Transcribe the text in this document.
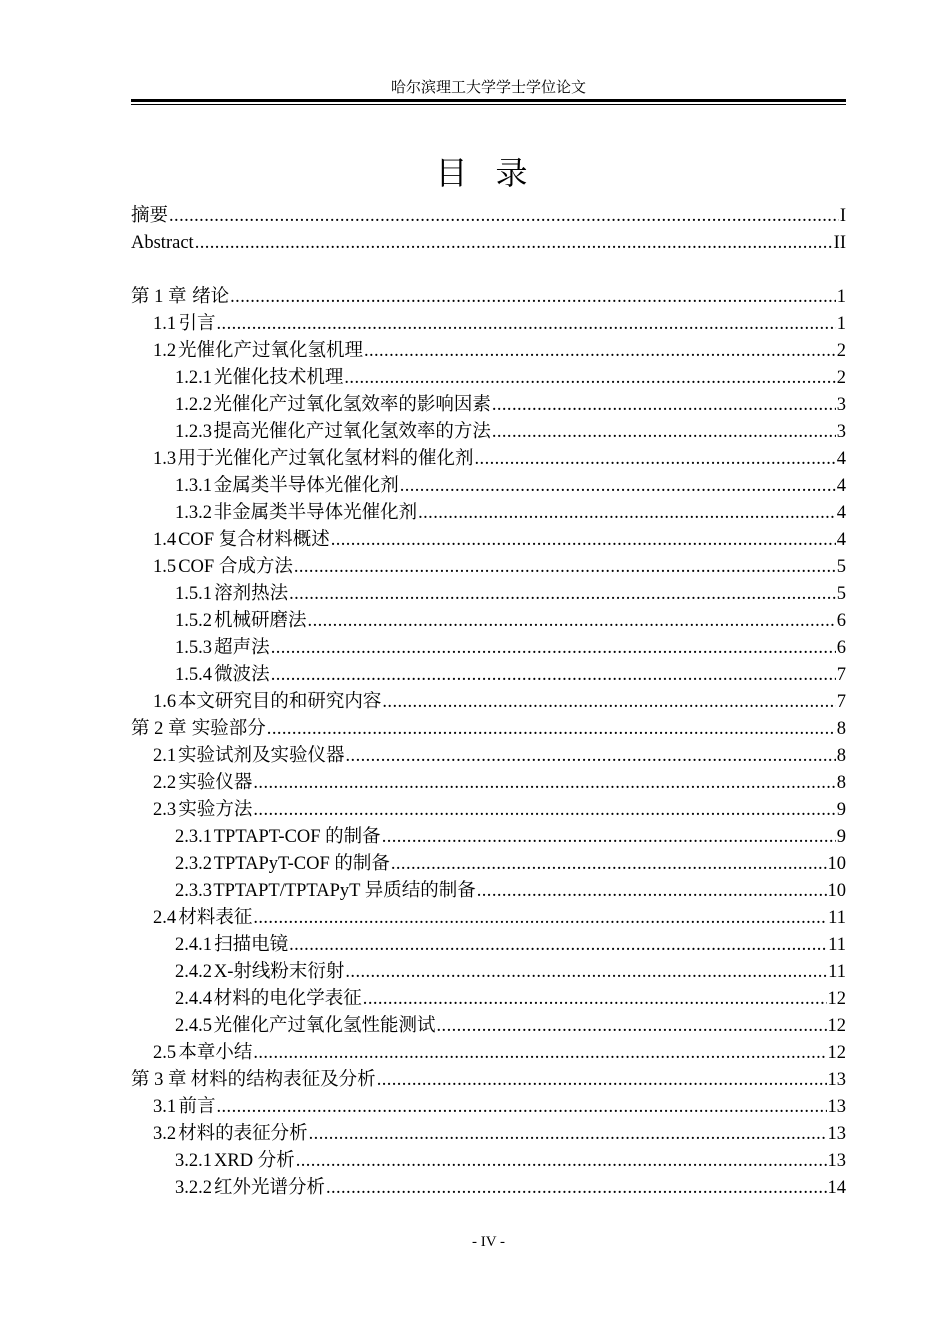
哈尔滨理工大学学士学位论文
目录
摘要 .....	I
Abstract .....	II
第 1 章 绪论 .....	1
1.1 引言 .....	1
1.2 光催化产过氧化氢机理 .....	2
1.2.1 光催化技术机理 .....	2
1.2.2 光催化产过氧化氢效率的影响因素 .....	3
1.2.3 提高光催化产过氧化氢效率的方法 .....	3
1.3 用于光催化产过氧化氢材料的催化剂 .....	4
1.3.1 金属类半导体光催化剂 .....	4
1.3.2 非金属类半导体光催化剂 .....	4
1.4 COF 复合材料概述 .....	4
1.5 COF 合成方法 .....	5
1.5.1 溶剂热法 .....	5
1.5.2 机械研磨法 .....	6
1.5.3 超声法 .....	6
1.5.4 微波法 .....	7
1.6 本文研究目的和研究内容 .....	7
第 2 章 实验部分 .....	8
2.1 实验试剂及实验仪器 .....	8
2.2 实验仪器 .....	8
2.3 实验方法 .....	9
2.3.1 TPTAPT-COF 的制备 .....	9
2.3.2 TPTAPyT-COF 的制备 .....	10
2.3.3 TPTAPT/TPTAPyT 异质结的制备 .....	10
2.4 材料表征 .....	11
2.4.1 扫描电镜 .....	11
2.4.2 X-射线粉末衍射 .....	11
2.4.4 材料的电化学表征 .....	12
2.4.5 光催化产过氧化氢性能测试 .....	12
2.5 本章小结 .....	12
第 3 章 材料的结构表征及分析 .....	13
3.1 前言 .....	13
3.2 材料的表征分析 .....	13
3.2.1 XRD 分析 .....	13
3.2.2 红外光谱分析 .....	14
- IV -
